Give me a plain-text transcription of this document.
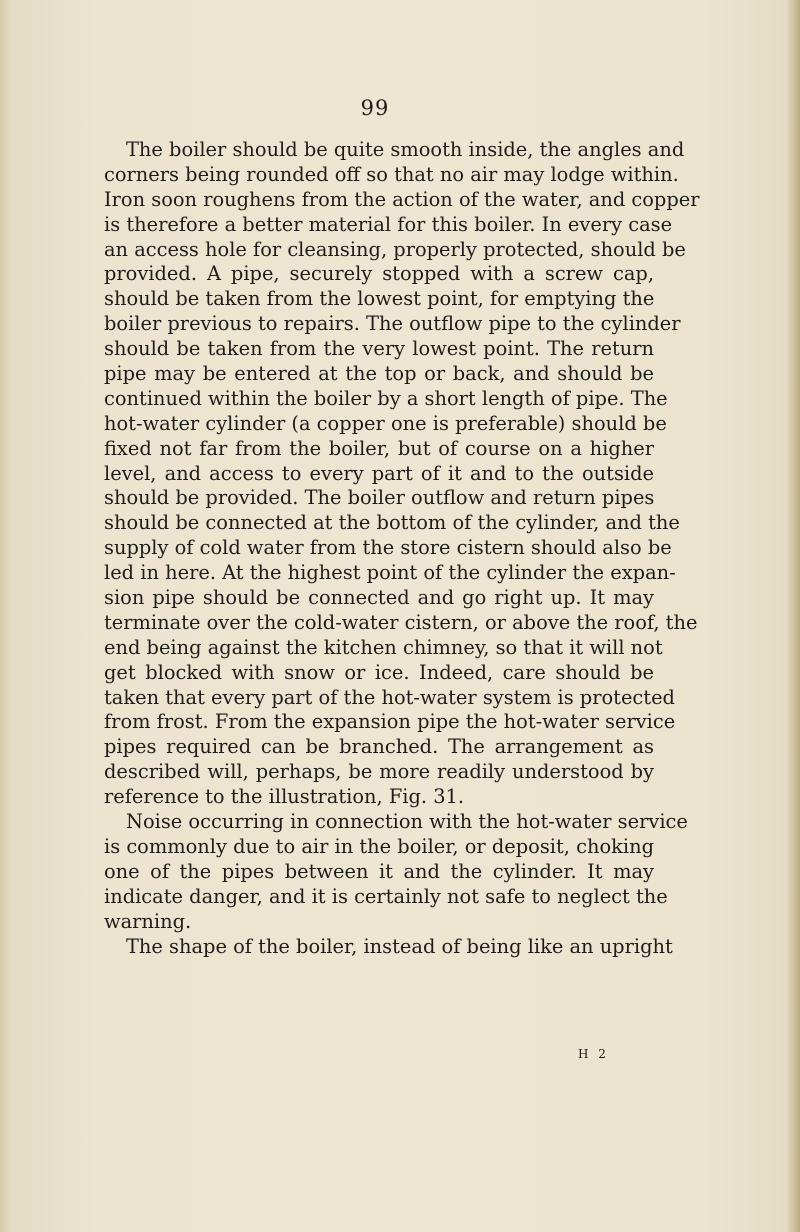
99
The boiler should be quite smooth inside, the angles and
corners being rounded off so that no air may lodge within.
Iron soon roughens from the action of the water, and copper
is therefore a better material for this boiler. In every case
an access hole for cleansing, properly protected, should be
provided. A pipe, securely stopped with a screw cap,
should be taken from the lowest point, for emptying the
boiler previous to repairs. The outflow pipe to the cylinder
should be taken from the very lowest point. The return
pipe may be entered at the top or back, and should be
continued within the boiler by a short length of pipe. The
hot-water cylinder (a copper one is preferable) should be
fixed not far from the boiler, but of course on a higher
level, and access to every part of it and to the outside
should be provided. The boiler outflow and return pipes
should be connected at the bottom of the cylinder, and the
supply of cold water from the store cistern should also be
led in here. At the highest point of the cylinder the expan-
sion pipe should be connected and go right up. It may
terminate over the cold-water cistern, or above the roof, the
end being against the kitchen chimney, so that it will not
get blocked with snow or ice. Indeed, care should be
taken that every part of the hot-water system is protected
from frost. From the expansion pipe the hot-water service
pipes required can be branched. The arrangement as
described will, perhaps, be more readily understood by
reference to the illustration, Fig. 31.
Noise occurring in connection with the hot-water service
is commonly due to air in the boiler, or deposit, choking
one of the pipes between it and the cylinder. It may
indicate danger, and it is certainly not safe to neglect the
warning.
The shape of the boiler, instead of being like an upright
H 2
